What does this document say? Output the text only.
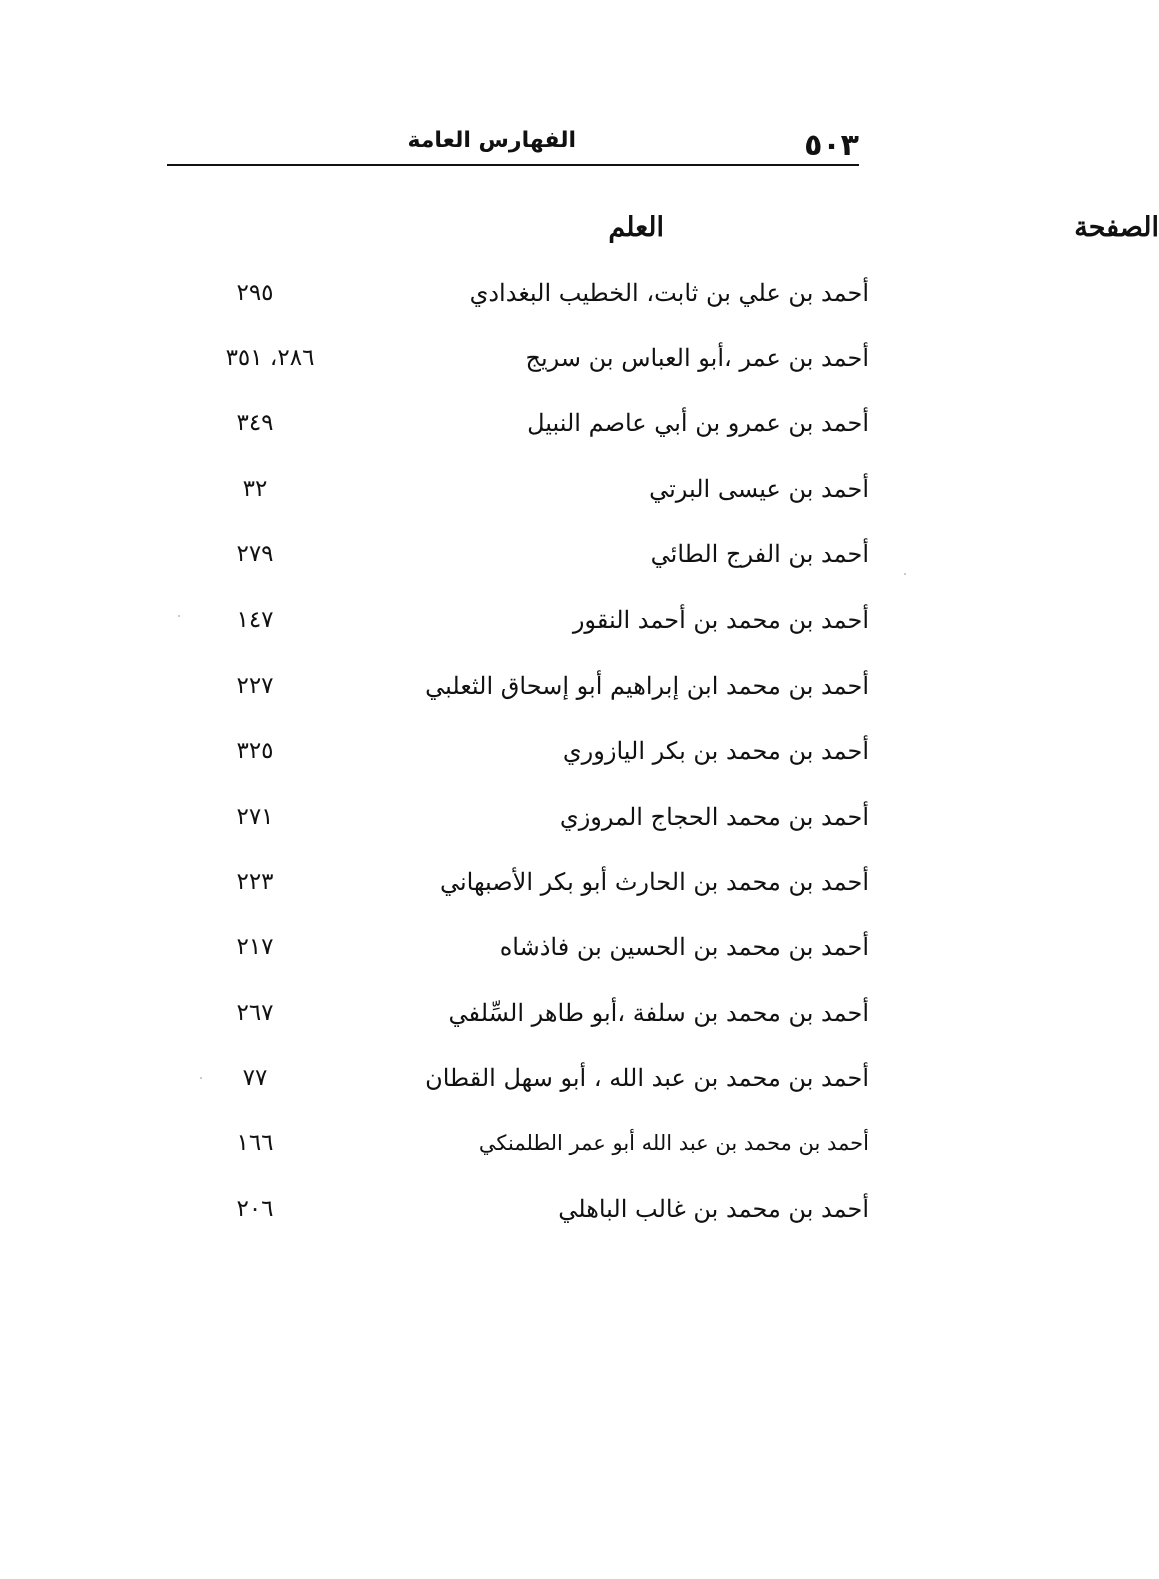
٥٠٣
الفهارس العامة
العلم	الصفحة
أحمد بن علي بن ثابت، الخطيب البغدادي
٢٩٥
أحمد بن عمر ،أبو العباس بن سريج
٢٨٦، ٣٥١
أحمد بن عمرو بن أبي عاصم النبيل
٣٤٩
أحمد بن عيسى البرتي
٣٢
أحمد بن الفرج الطائي
٢٧٩
أحمد بن محمد بن أحمد النقور
١٤٧
أحمد بن محمد ابن إبراهيم أبو إسحاق الثعلبي
٢٢٧
أحمد بن محمد بن بكر اليازوري
٣٢٥
أحمد بن محمد الحجاج المروزي
٢٧١
أحمد بن محمد بن الحارث أبو بكر الأصبهاني
٢٢٣
أحمد بن محمد بن الحسين بن فاذشاه
٢١٧
أحمد بن محمد بن سلفة ،أبو طاهر السِّلفي
٢٦٧
أحمد بن محمد بن عبد الله ، أبو سهل القطان
٧٧
أحمد بن محمد بن عبد الله أبو عمر الطلمنكي
١٦٦
أحمد بن محمد بن غالب الباهلي
٢٠٦
